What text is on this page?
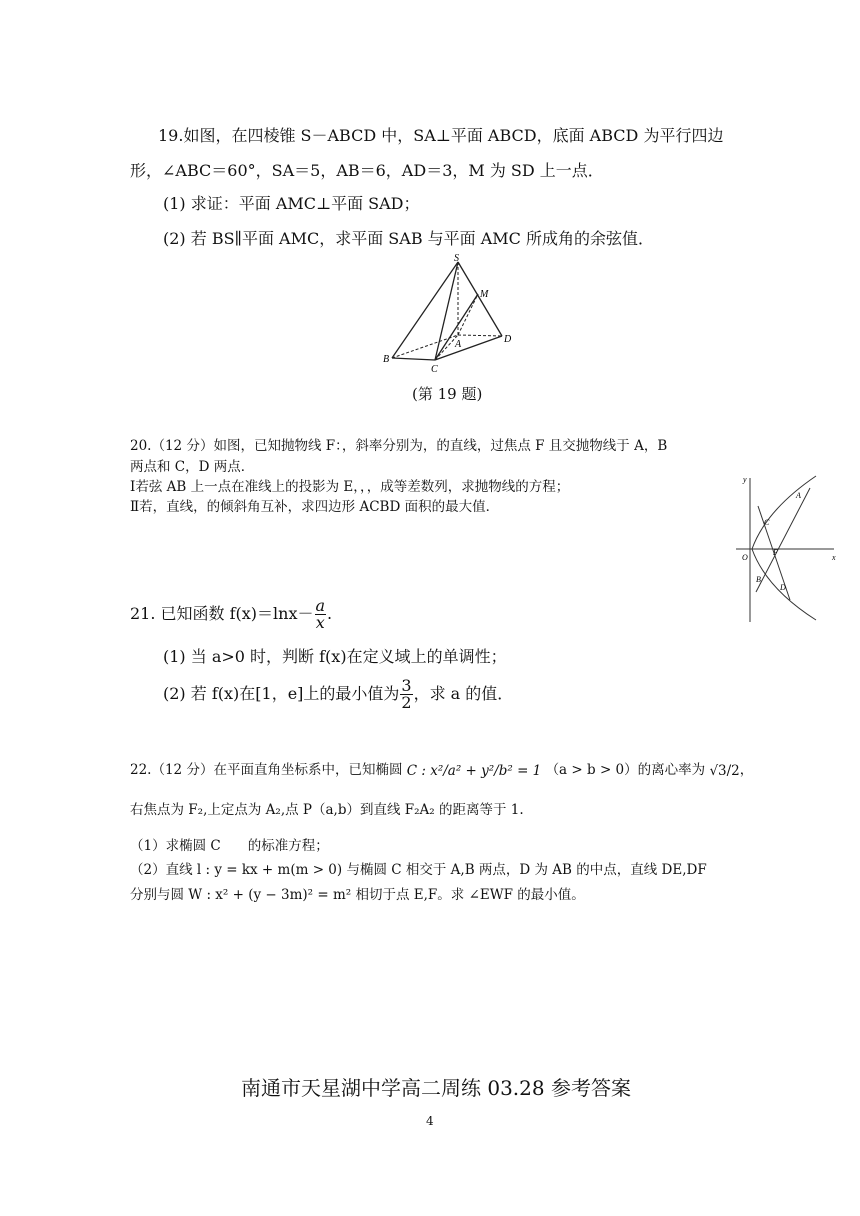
19.如图，在四棱锥 S－ABCD 中，SA⊥平面 ABCD，底面 ABCD 为平行四边
形，∠ABC＝60°，SA＝5，AB＝6，AD＝3，M 为 SD 上一点．
(1) 求证：平面 AMC⊥平面 SAD；
(2) 若 BS∥平面 AMC，求平面 SAB 与平面 AMC 所成角的余弦值．
S
M
A
B
C
D
(第 19 题)
20.（12 分）如图，已知抛物线 F：，斜率分别为，的直线，过焦点 F 且交抛物线于 A，B
两点和 C，D 两点．
Ⅰ若弦 AB 上一点在准线上的投影为 E，，，成等差数列，求抛物线的方程；
Ⅱ若，直线，的倾斜角互补，求四边形 ACBD 面积的最大值．
y
x
O
F
A
B
C
D
21. 已知函数 $f(x)=\ln x- \frac{a}{x}$ .
(1) 当 a>0 时，判断 f(x)在定义域上的单调性；
(2) 若 f(x)在[1，e]上的最小值为 $\frac{3}{2}$ ，求 a 的值．
22.（12 分）在平面直角坐标系中，已知椭圆 C : x²/a² + y²/b² = 1 （a > b > 0）的离心率为 √3/2，
右焦点为 F₂,上定点为 A₂,点 P（a,b）到直线 F₂A₂ 的距离等于 1.
（1）求椭圆 C　　的标准方程；
（2）直线 l : y = kx + m(m > 0) 与椭圆 C 相交于 A,B 两点，D 为 AB 的中点，直线 DE,DF
分别与圆 W : x² + (y − 3m)² = m² 相切于点 E,F。求 ∠EWF 的最小值。
南通市天星湖中学高二周练 03.28 参考答案
4
